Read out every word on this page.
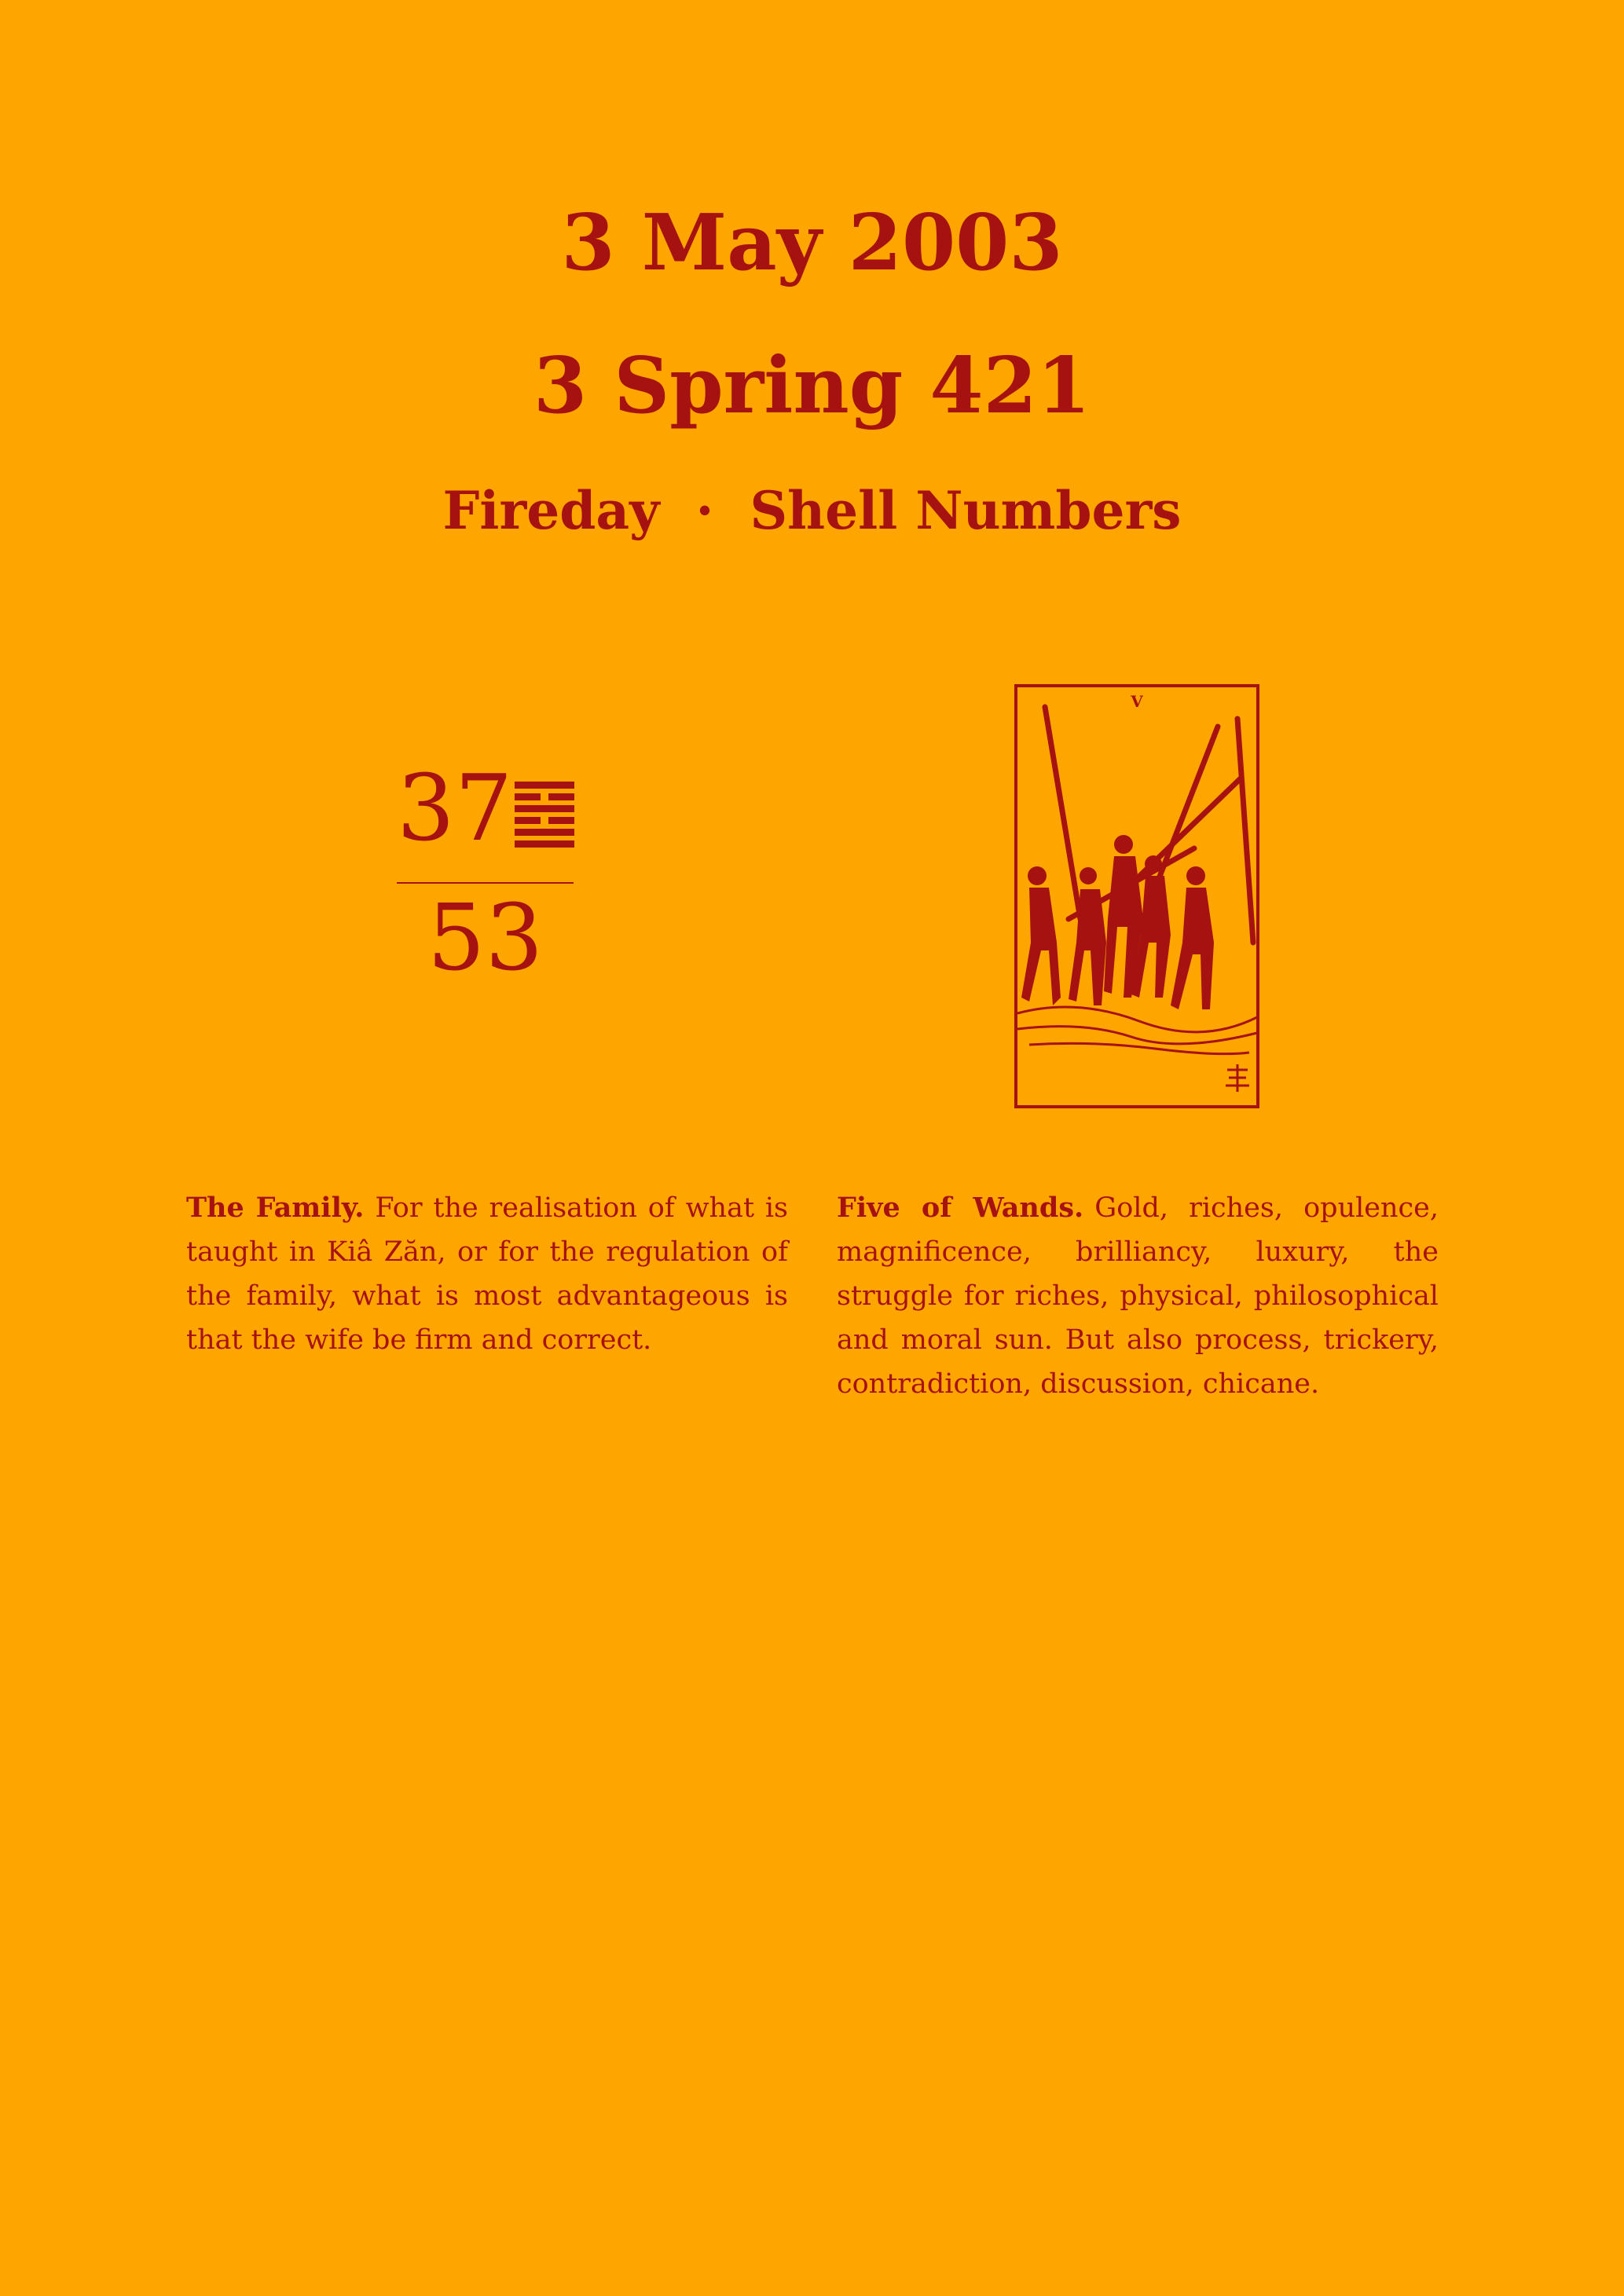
3 May 2003
3 Spring 421
Fireday · Shell Numbers
37
53
V
The Family. For the realisation of what is taught in Kiâ Zăn, or for the regulation of the family, what is most advantageous is that the wife be firm and correct.
Five of Wands. Gold, riches, opulence, magnificence, brilliancy, luxury, the struggle for riches, physical, philosophical and moral sun. But also process, trickery, contradiction, discussion, chicane.
